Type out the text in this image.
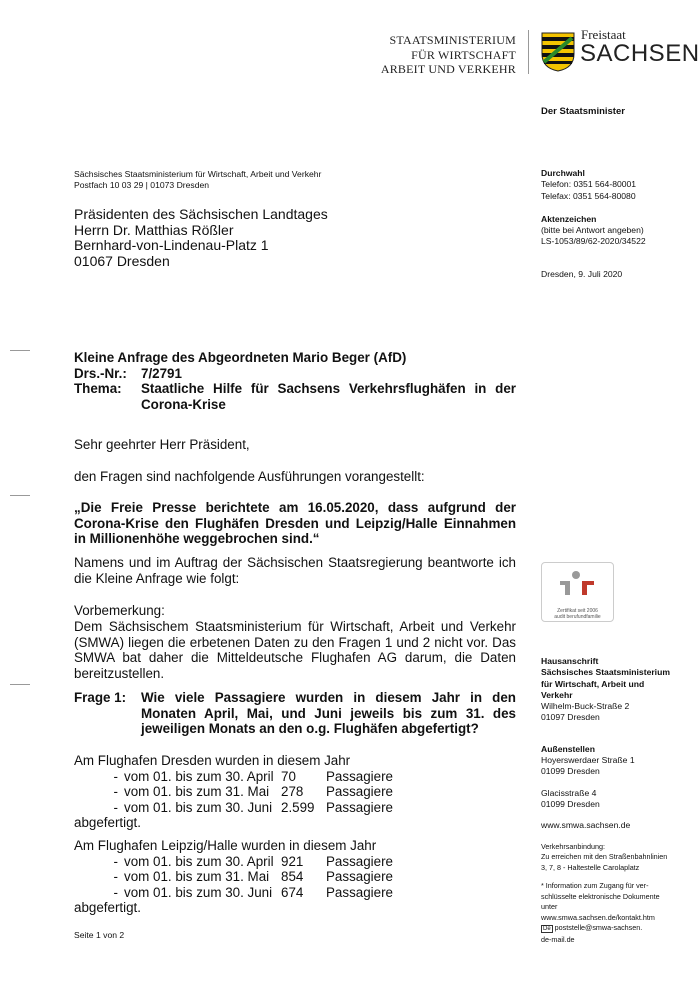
STAATSMINISTERIUM
FÜR WIRTSCHAFT
ARBEIT UND VERKEHR
Freistaat
SACHSEN
Der Staatsminister
Sächsisches Staatsministerium für Wirtschaft, Arbeit und Verkehr
Postfach 10 03 29 | 01073 Dresden
Präsidenten des Sächsischen Landtages
Herrn Dr. Matthias Rößler
Bernhard-von-Lindenau-Platz 1
01067 Dresden
Durchwahl
Telefon: 0351 564-80001
Telefax: 0351 564-80080
Aktenzeichen
(bitte bei Antwort angeben)
LS-1053/89/62-2020/34522
Dresden, 9. Juli 2020
Zertifikat seit 2006
audit berufundfamilie
Hausanschrift
Sächsisches Staatsministerium
für Wirtschaft, Arbeit und
Verkehr
Wilhelm-Buck-Straße 2
01097 Dresden
Außenstellen
Hoyerswerdaer Straße 1
01099 Dresden
Glacisstraße 4
01099 Dresden
www.smwa.sachsen.de
Verkehrsanbindung:
Zu erreichen mit den Straßenbahnlinien
3, 7, 8 - Haltestelle Carolaplatz
* Information zum Zugang für ver-
schlüsselte elektronische Dokumente
unter
www.smwa.sachsen.de/kontakt.htm
De poststelle@smwa-sachsen.
de-mail.de
Kleine Anfrage des Abgeordneten Mario Beger (AfD)
Drs.-Nr.:	7/2791
Thema:	Staatliche Hilfe für Sachsens Verkehrsflughäfen in der Corona-Krise
Sehr geehrter Herr Präsident,
den Fragen sind nachfolgende Ausführungen vorangestellt:
„Die Freie Presse berichtete am 16.05.2020, dass aufgrund der Corona-Krise den Flughäfen Dresden und Leipzig/Halle Einnahmen in Millionenhöhe weggebrochen sind.“
Namens und im Auftrag der Sächsischen Staatsregierung beantworte ich die Kleine Anfrage wie folgt:
Vorbemerkung:
Dem Sächsischem Staatsministerium für Wirtschaft, Arbeit und Verkehr (SMWA) liegen die erbetenen Daten zu den Fragen 1 und 2 nicht vor. Das SMWA bat daher die Mitteldeutsche Flughafen AG darum, die Daten bereitzustellen.
Frage 1:	Wie viele Passagiere wurden in diesem Jahr in den Monaten April, Mai, und Juni jeweils bis zum 31. des jeweiligen Monats an den o.g. Flughäfen abgefertigt?
Am Flughafen Dresden wurden in diesem Jahr
- vom 01. bis zum 30. April 70	Passagiere
- vom 01. bis zum 31. Mai 278	Passagiere
- vom 01. bis zum 30. Juni 2.599 Passagiere
abgefertigt.
Am Flughafen Leipzig/Halle wurden in diesem Jahr
- vom 01. bis zum 30. April 921	Passagiere
- vom 01. bis zum 31. Mai 854	Passagiere
- vom 01. bis zum 30. Juni 674	Passagiere
abgefertigt.
Seite 1 von 2
